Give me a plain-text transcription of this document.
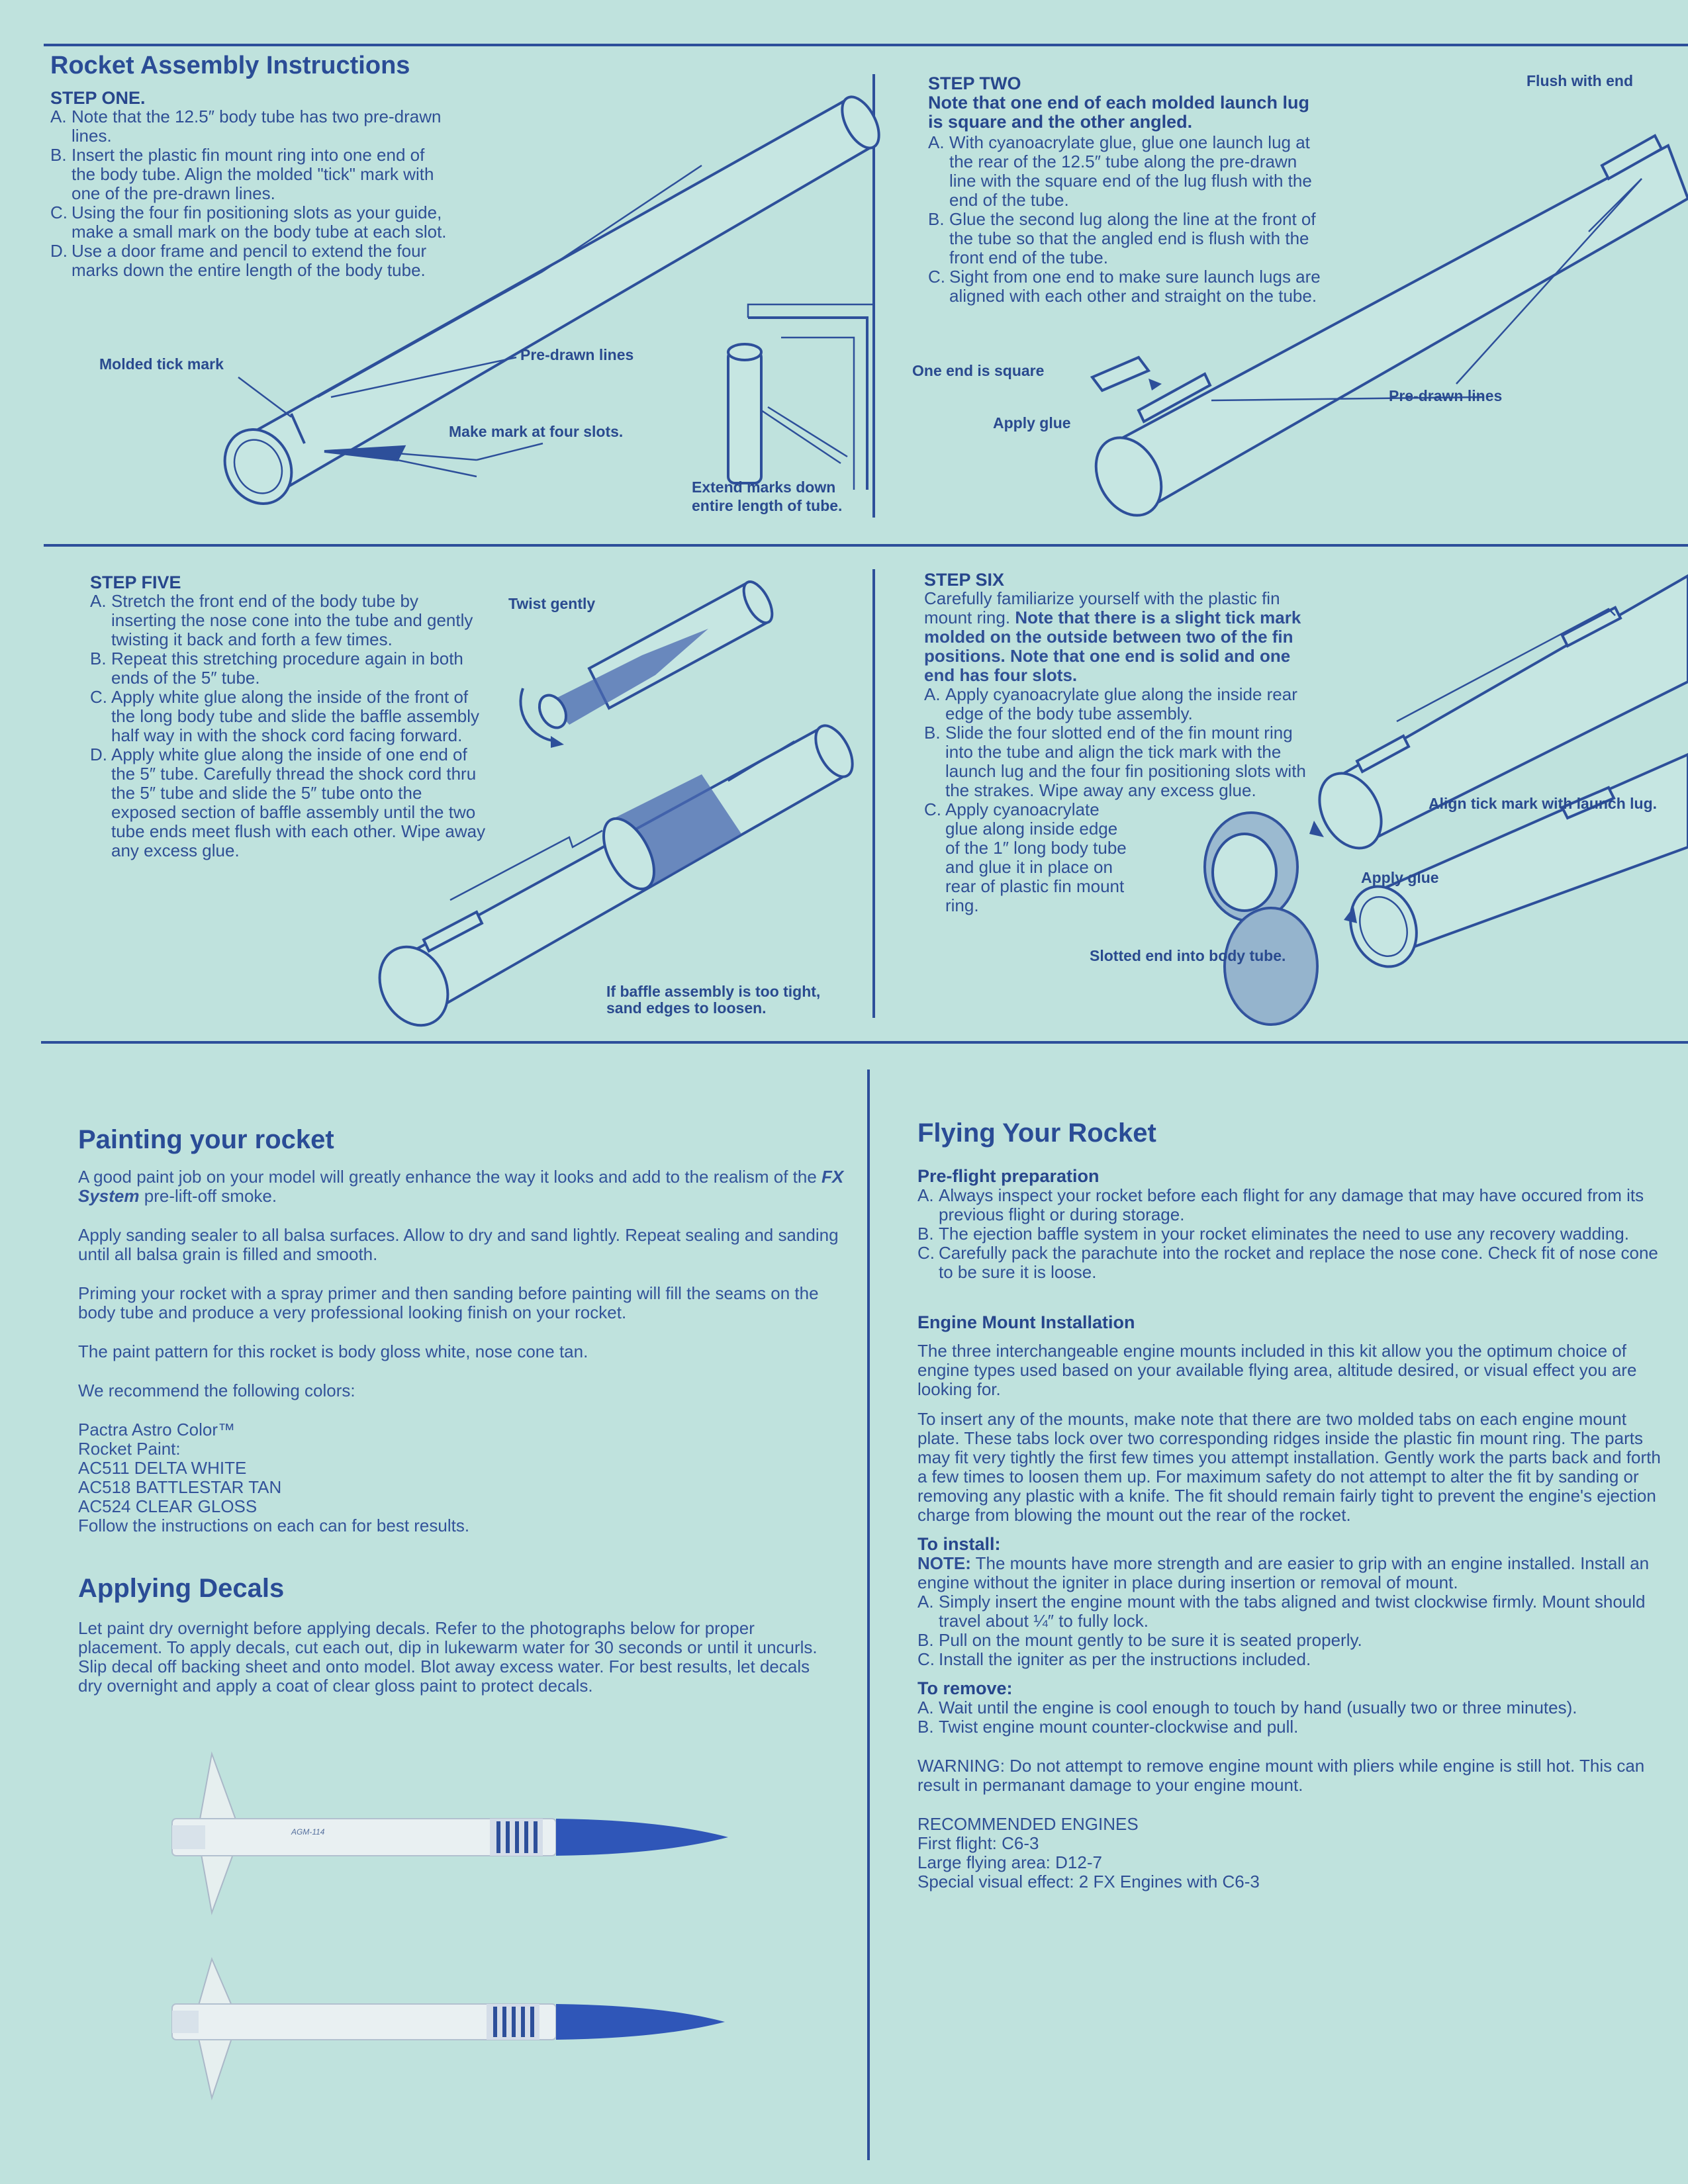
Rocket Assembly Instructions
STEP ONE.
A. Note that the 12.5″ body tube has two pre-drawn lines.
B. Insert the plastic fin mount ring into one end of the body tube. Align the molded "tick" mark with one of the pre-drawn lines.
C. Using the four fin positioning slots as your guide, make a small mark on the body tube at each slot.
D. Use a door frame and pencil to extend the four marks down the entire length of the body tube.
Molded tick mark
Pre-drawn lines
Make mark at four slots.
Extend marks down
entire length of tube.
STEP TWO
Note that one end of each molded launch lug is square and the other angled.
A. With cyanoacrylate glue, glue one launch lug at the rear of the 12.5″ tube along the pre-drawn line with the square end of the lug flush with the end of the tube.
B. Glue the second lug along the line at the front of the tube so that the angled end is flush with the front end of the tube.
C. Sight from one end to make sure launch lugs are aligned with each other and straight on the tube.
Flush with end
One end is square
Apply glue
Pre-drawn lines
STEP FIVE
A. Stretch the front end of the body tube by inserting the nose cone into the tube and gently twisting it back and forth a few times.
B. Repeat this stretching procedure again in both ends of the 5″ tube.
C. Apply white glue along the inside of the front of the long body tube and slide the baffle assembly half way in with the shock cord facing forward.
D. Apply white glue along the inside of one end of the 5″ tube. Carefully thread the shock cord thru the 5″ tube and slide the 5″ tube onto the exposed section of baffle assembly until the two tube ends meet flush with each other. Wipe away any excess glue.
Twist gently
If baffle assembly is too tight,
sand edges to loosen.
STEP SIX

Carefully familiarize yourself with the plastic fin mount ring. Note that there is a slight tick mark molded on the outside between two of the fin positions. Note that one end is solid and one end has four slots.

A. Apply cyanoacrylate glue along the inside rear edge of the body tube assembly.
B. Slide the four slotted end of the fin mount ring into the tube and align the tick mark with the launch lug and the four fin positioning slots with the strakes. Wipe away any excess glue.
C. Apply cyanoacrylate glue along inside edge of the 1″ long body tube and glue it in place on rear of plastic fin mount ring.
Align tick mark with launch lug.
Apply glue
Slotted end into body tube.
Painting your rocket

A good paint job on your model will greatly enhance the way it looks and add to the realism of the FX System pre-lift-off smoke.

Apply sanding sealer to all balsa surfaces. Allow to dry and sand lightly. Repeat sealing and sanding until all balsa grain is filled and smooth.

Priming your rocket with a spray primer and then sanding before painting will fill the seams on the body tube and produce a very professional looking finish on your rocket.

The paint pattern for this rocket is body gloss white, nose cone tan.

We recommend the following colors:

Pactra Astro Color™
Rocket Paint:
AC511 DELTA WHITE
AC518 BATTLESTAR TAN
AC524 CLEAR GLOSS
Follow the instructions on each can for best results.
Applying Decals

Let paint dry overnight before applying decals. Refer to the photographs below for proper placement. To apply decals, cut each out, dip in lukewarm water for 30 seconds or until it uncurls. Slip decal off backing sheet and onto model. Blot away excess water. For best results, let decals dry overnight and apply a coat of clear gloss paint to protect decals.

AGM-114
Flying Your Rocket
Pre-flight preparation
A. Always inspect your rocket before each flight for any damage that may have occured from its previous flight or during storage.
B. The ejection baffle system in your rocket eliminates the need to use any recovery wadding.
C. Carefully pack the parachute into the rocket and replace the nose cone. Check fit of nose cone to be sure it is loose.
Engine Mount Installation

The three interchangeable engine mounts included in this kit allow you the optimum choice of engine types used based on your available flying area, altitude desired, or visual effect you are looking for.

To insert any of the mounts, make note that there are two molded tabs on each engine mount plate. These tabs lock over two corresponding ridges inside the plastic fin mount ring. The parts may fit very tightly the first few times you attempt installation. Gently work the parts back and forth a few times to loosen them up. For maximum safety do not attempt to alter the fit by sanding or removing any plastic with a knife. The fit should remain fairly tight to prevent the engine's ejection charge from blowing the mount out the rear of the rocket.

To install:

NOTE: The mounts have more strength and are easier to grip with an engine installed. Install an engine without the igniter in place during insertion or removal of mount.

A. Simply insert the engine mount with the tabs aligned and twist clockwise firmly. Mount should travel about ¼″ to fully lock.
B. Pull on the mount gently to be sure it is seated properly.
C. Install the igniter as per the instructions included.
To remove:
A. Wait until the engine is cool enough to touch by hand (usually two or three minutes).
B. Twist engine mount counter-clockwise and pull.

WARNING: Do not attempt to remove engine mount with pliers while engine is still hot. This can result in permanant damage to your engine mount.

RECOMMENDED ENGINES
First flight: C6-3
Large flying area: D12-7
Special visual effect: 2 FX Engines with C6-3
